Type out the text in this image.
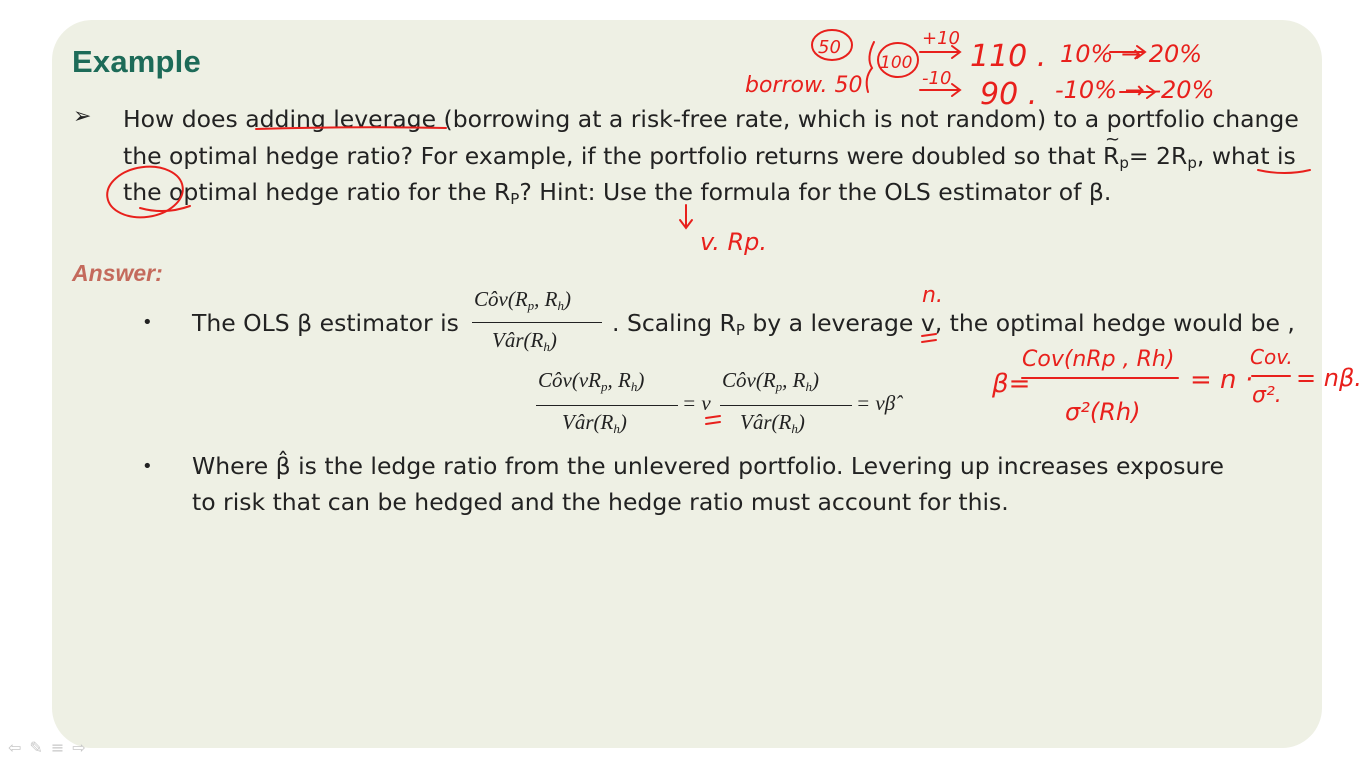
Example
➢ How does adding leverage (borrowing at a risk-free rate, which is not random) to a portfolio change the optimal hedge ratio? For example, if the portfolio returns were doubled so that ~ $R_p= 2R_p$, what is the optimal hedge ratio for the $R_P$? Hint: Use the formula for the OLS estimator of β.
Answer:
• The OLS β estimator is
$Côv(R_p$, $R_h$)
$Vâr(R_h)$
. Scaling $R_P$ by a leverage v, the optimal hedge would be ,
$Côv(vR_p$, $R_h$)
$Vâr(R_h)$
= v
$Côv(R_p$, $R_h$)
$Vâr(R_h)$
= vβ̂
• Where β̂ is the ledge ratio from the unlevered portfolio. Levering up increases exposure
to risk that can be hedged and the hedge ratio must account for this.
borrow. 50
50
100
+10
-10
110 .
90 .
10% → 20%
-10% → -20%
v. Rp.
n.
β=
Cov(nRp , Rh)
σ²(Rh)
= n ·
Cov.
σ².
= nβ.
⇦✎≡⇨
